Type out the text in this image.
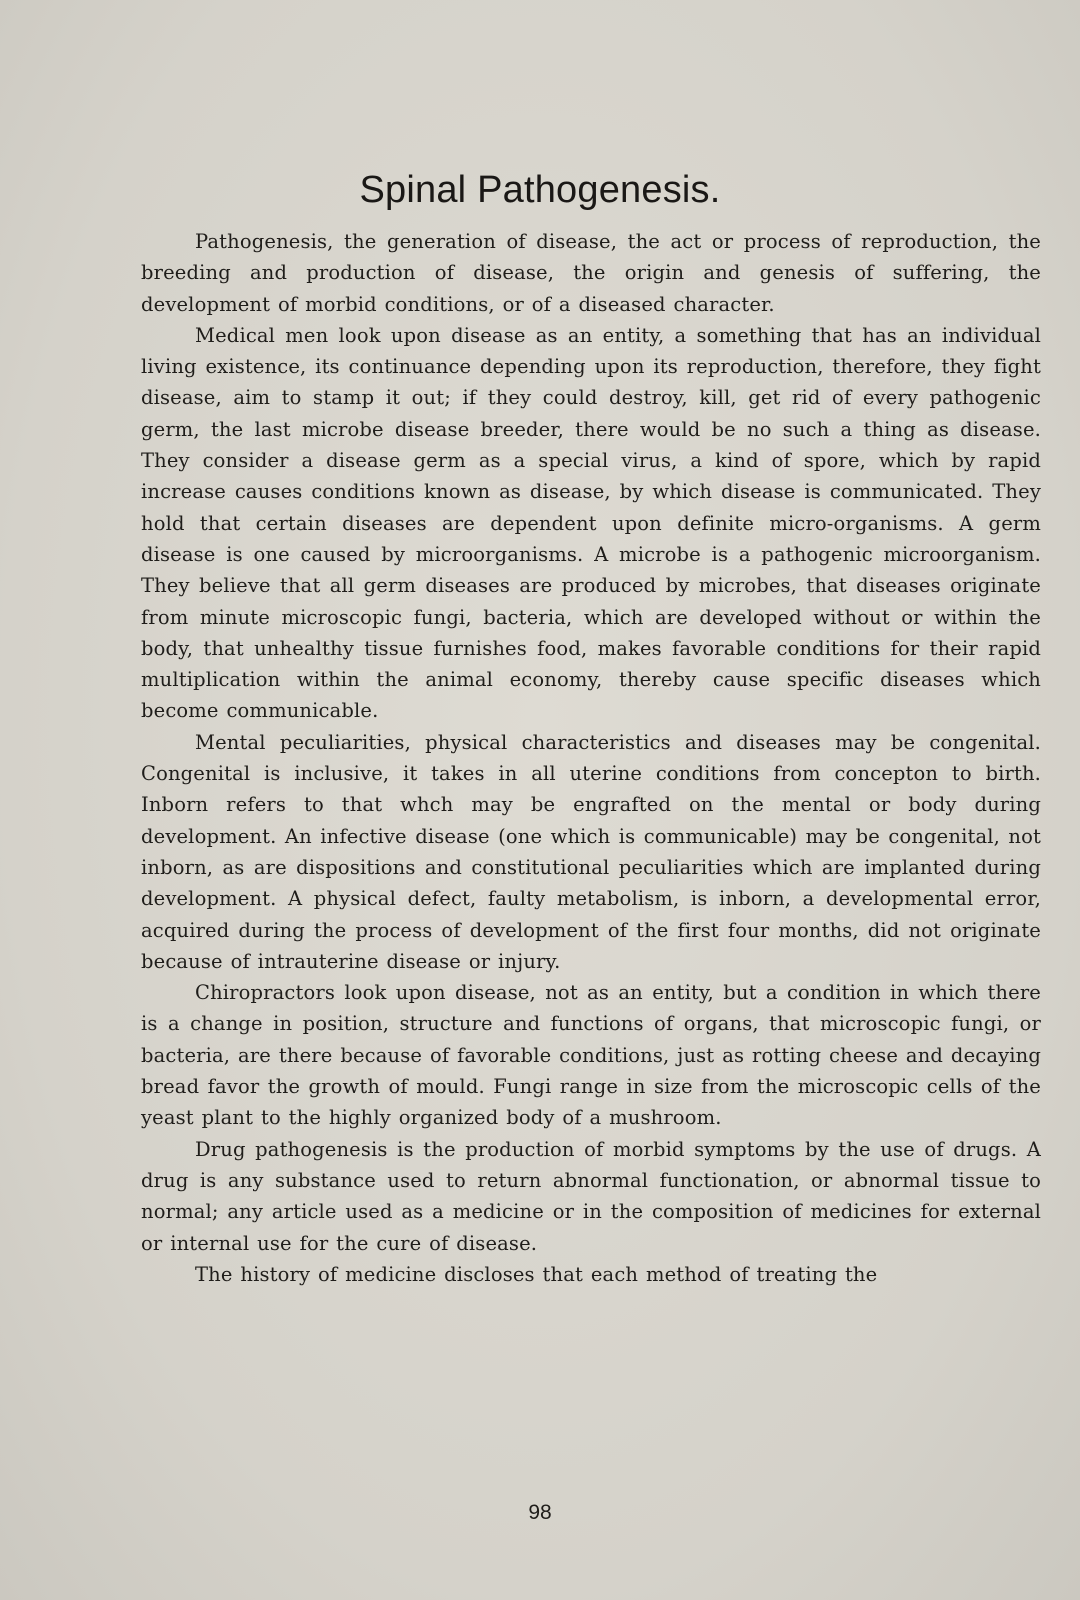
Spinal Pathogenesis.

Pathogenesis, the generation of disease, the act or process of reproduction, the breeding and production of disease, the origin and genesis of suffering, the development of morbid conditions, or of a diseased character.

Medical men look upon disease as an entity, a something that has an individual living existence, its continuance depending upon its reproduction, therefore, they fight disease, aim to stamp it out; if they could destroy, kill, get rid of every pathogenic germ, the last microbe disease breeder, there would be no such a thing as disease. They consider a disease germ as a special virus, a kind of spore, which by rapid increase causes conditions known as disease, by which disease is communicated. They hold that certain diseases are dependent upon definite micro-organisms. A germ disease is one caused by microorganisms. A microbe is a pathogenic microorganism. They believe that all germ diseases are produced by microbes, that diseases originate from minute microscopic fungi, bacteria, which are developed without or within the body, that unhealthy tissue furnishes food, makes favorable conditions for their rapid multiplication within the animal economy, thereby cause specific diseases which become communicable.

Mental peculiarities, physical characteristics and diseases may be congenital. Congenital is inclusive, it takes in all uterine conditions from concepton to birth. Inborn refers to that whch may be engrafted on the mental or body during development. An infective disease (one which is communicable) may be congenital, not inborn, as are dispositions and constitutional peculiarities which are implanted during development. A physical defect, faulty metabolism, is inborn, a developmental error, acquired during the process of development of the first four months, did not originate because of intrauterine disease or injury.

Chiropractors look upon disease, not as an entity, but a condition in which there is a change in position, structure and functions of organs, that microscopic fungi, or bacteria, are there because of favorable conditions, just as rotting cheese and decaying bread favor the growth of mould. Fungi range in size from the microscopic cells of the yeast plant to the highly organized body of a mushroom.

Drug pathogenesis is the production of morbid symptoms by the use of drugs. A drug is any substance used to return abnormal functionation, or abnormal tissue to normal; any article used as a medicine or in the composition of medicines for external or internal use for the cure of disease.

The history of medicine discloses that each method of treating the

98
